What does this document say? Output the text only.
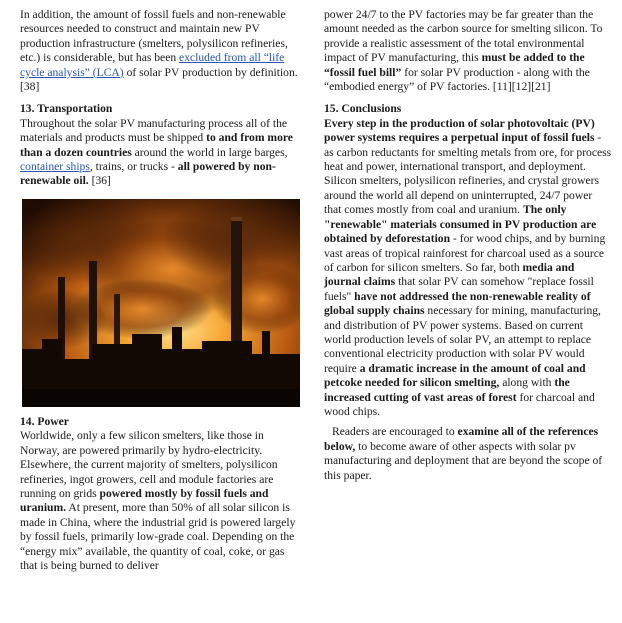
In addition, the amount of fossil fuels and non-renewable resources needed to construct and maintain new PV production infrastructure (smelters, polysilicon refineries, etc.) is considerable, but has been excluded from all “life cycle analysis” (LCA) of solar PV production by definition. [38]

13. Transportation

Throughout the solar PV manufacturing process all of the materials and products must be shipped to and from more than a dozen countries around the world in large barges, container ships, trains, or trucks - all powered by non-renewable oil. [36]

14. Power

Worldwide, only a few silicon smelters, like those in Norway, are powered primarily by hydro-electricity. Elsewhere, the current majority of smelters, polysilicon refineries, ingot growers, cell and module factories are running on grids powered mostly by fossil fuels and uranium. At present, more than 50% of all solar silicon is made in China, where the industrial grid is powered largely by fossil fuels, primarily low-grade coal. Depending on the “energy mix” available, the quantity of coal, coke, or gas that is being burned to deliver

power 24/7 to the PV factories may be far greater than the amount needed as the carbon source for smelting silicon. To provide a realistic assessment of the total environmental impact of PV manufacturing, this must be added to the “fossil fuel bill” for solar PV production - along with the “embodied energy” of PV factories. [11][12][21]

15. Conclusions

Every step in the production of solar photovoltaic (PV) power systems requires a perpetual input of fossil fuels - as carbon reductants for smelting metals from ore, for process heat and power, international transport, and deployment. Silicon smelters, polysilicon refineries, and crystal growers around the world all depend on uninterrupted, 24/7 power that comes mostly from coal and uranium. The only "renewable" materials consumed in PV production are obtained by deforestation - for wood chips, and by burning vast areas of tropical rainforest for charcoal used as a source of carbon for silicon smelters. So far, both media and journal claims that solar PV can somehow "replace fossil fuels" have not addressed the non-renewable reality of global supply chains necessary for mining, manufacturing, and distribution of PV power systems. Based on current world production levels of solar PV, an attempt to replace conventional electricity production with solar PV would require a dramatic increase in the amount of coal and petcoke needed for silicon smelting, along with the increased cutting of vast areas of forest for charcoal and wood chips.

Readers are encouraged to examine all of the references below, to become aware of other aspects with solar pv manufacturing and deployment that are beyond the scope of this paper.
